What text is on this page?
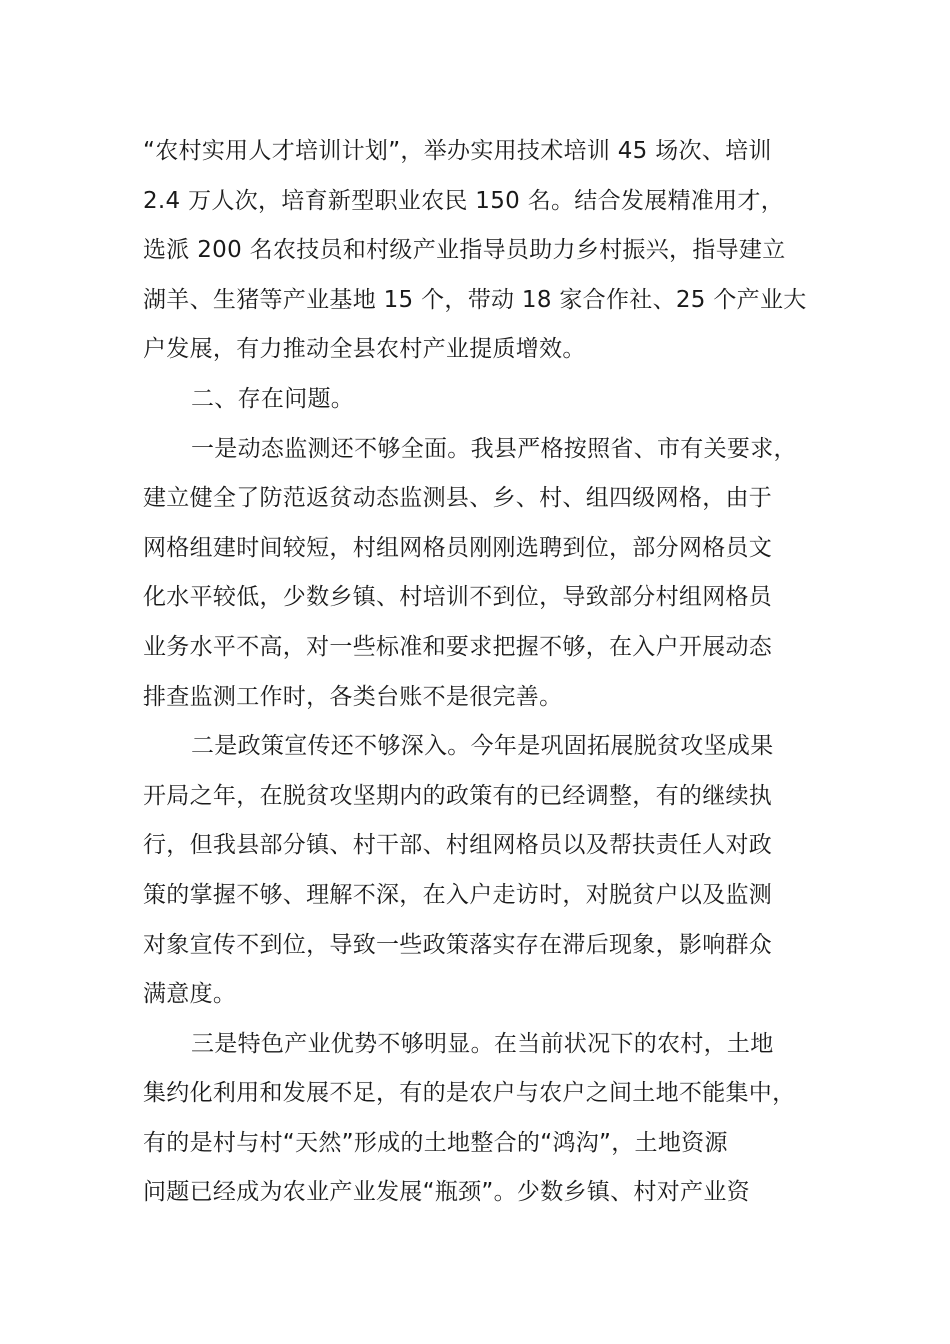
“农村实用人才培训计划”，举办实用技术培训 45 场次、培训
2.4 万人次，培育新型职业农民 150 名。结合发展精准用才，
选派 200 名农技员和村级产业指导员助力乡村振兴，指导建立
湖羊、生猪等产业基地 15 个，带动 18 家合作社、25 个产业大
户发展，有力推动全县农村产业提质增效。
二、存在问题。
一是动态监测还不够全面。我县严格按照省、市有关要求，
建立健全了防范返贫动态监测县、乡、村、组四级网格，由于
网格组建时间较短，村组网格员刚刚选聘到位，部分网格员文
化水平较低，少数乡镇、村培训不到位，导致部分村组网格员
业务水平不高，对一些标准和要求把握不够，在入户开展动态
排查监测工作时，各类台账不是很完善。
二是政策宣传还不够深入。今年是巩固拓展脱贫攻坚成果
开局之年，在脱贫攻坚期内的政策有的已经调整，有的继续执
行，但我县部分镇、村干部、村组网格员以及帮扶责任人对政
策的掌握不够、理解不深，在入户走访时，对脱贫户以及监测
对象宣传不到位，导致一些政策落实存在滞后现象，影响群众
满意度。
三是特色产业优势不够明显。在当前状况下的农村，土地
集约化利用和发展不足，有的是农户与农户之间土地不能集中，
有的是村与村“天然”形成的土地整合的“鸿沟”，土地资源
问题已经成为农业产业发展“瓶颈”。少数乡镇、村对产业资
